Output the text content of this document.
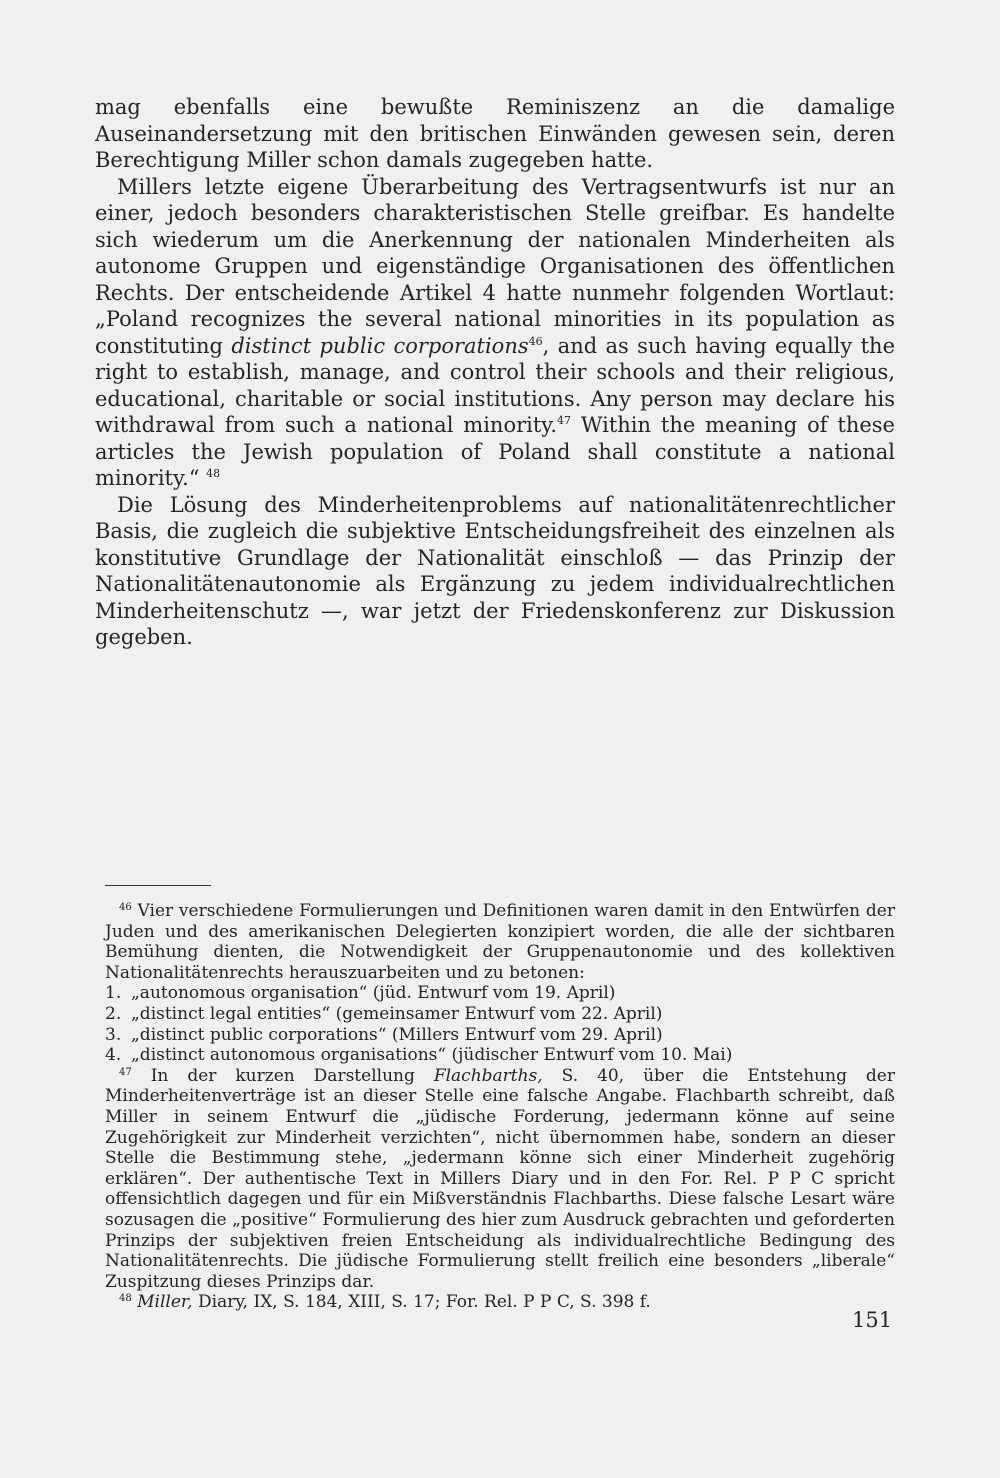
mag ebenfalls eine bewußte Reminiszenz an die damalige Auseinandersetzung mit den britischen Einwänden gewesen sein, deren Berechtigung Miller schon damals zugegeben hatte.

Millers letzte eigene Überarbeitung des Vertragsentwurfs ist nur an einer, jedoch besonders charakteristischen Stelle greifbar. Es handelte sich wiederum um die Anerkennung der nationalen Minderheiten als autonome Gruppen und eigenständige Organisationen des öffentlichen Rechts. Der entscheidende Artikel 4 hatte nunmehr folgenden Wortlaut: „Poland recognizes the several national minorities in its population as constituting distinct public corporations$^{46}$, and as such having equally the right to establish, manage, and control their schools and their religious, educational, charitable or social institutions. Any person may declare his withdrawal from such a national minority.$^{47}$ Within the meaning of these articles the Jewish population of Poland shall constitute a national minority.“ $^{48}$

Die Lösung des Minderheitenproblems auf nationalitätenrechtlicher Basis, die zugleich die subjektive Entscheidungsfreiheit des einzelnen als konstitutive Grundlage der Nationalität einschloß — das Prinzip der Nationalitätenautonomie als Ergänzung zu jedem individualrechtlichen Minderheitenschutz —, war jetzt der Friedenskonferenz zur Diskussion gegeben.

$^{46}$ Vier verschiedene Formulierungen und Definitionen waren damit in den Entwürfen der Juden und des amerikanischen Delegierten konzipiert worden, die alle der sichtbaren Bemühung dienten, die Notwendigkeit der Gruppenautonomie und des kollektiven Nationalitätenrechts herauszuarbeiten und zu betonen:

1. „autonomous organisation“ (jüd. Entwurf vom 19. April)

2. „distinct legal entities“ (gemeinsamer Entwurf vom 22. April)

3. „distinct public corporations“ (Millers Entwurf vom 29. April)

4. „distinct autonomous organisations“ (jüdischer Entwurf vom 10. Mai)

$^{47}$ In der kurzen Darstellung Flachbarths, S. 40, über die Entstehung der Minderheitenverträge ist an dieser Stelle eine falsche Angabe. Flachbarth schreibt, daß Miller in seinem Entwurf die „jüdische Forderung, jedermann könne auf seine Zugehörigkeit zur Minderheit verzichten“, nicht übernommen habe, sondern an dieser Stelle die Bestimmung stehe, „jedermann könne sich einer Minderheit zugehörig erklären“. Der authentische Text in Millers Diary und in den For. Rel. P P C spricht offensichtlich dagegen und für ein Mißverständnis Flachbarths. Diese falsche Lesart wäre sozusagen die „positive“ Formulierung des hier zum Ausdruck gebrachten und geforderten Prinzips der subjektiven freien Entscheidung als individualrechtliche Bedingung des Nationalitätenrechts. Die jüdische Formulierung stellt freilich eine besonders „liberale“ Zuspitzung dieses Prinzips dar.

$^{48}$ Miller, Diary, IX, S. 184, XIII, S. 17; For. Rel. P P C, S. 398 f.

151
